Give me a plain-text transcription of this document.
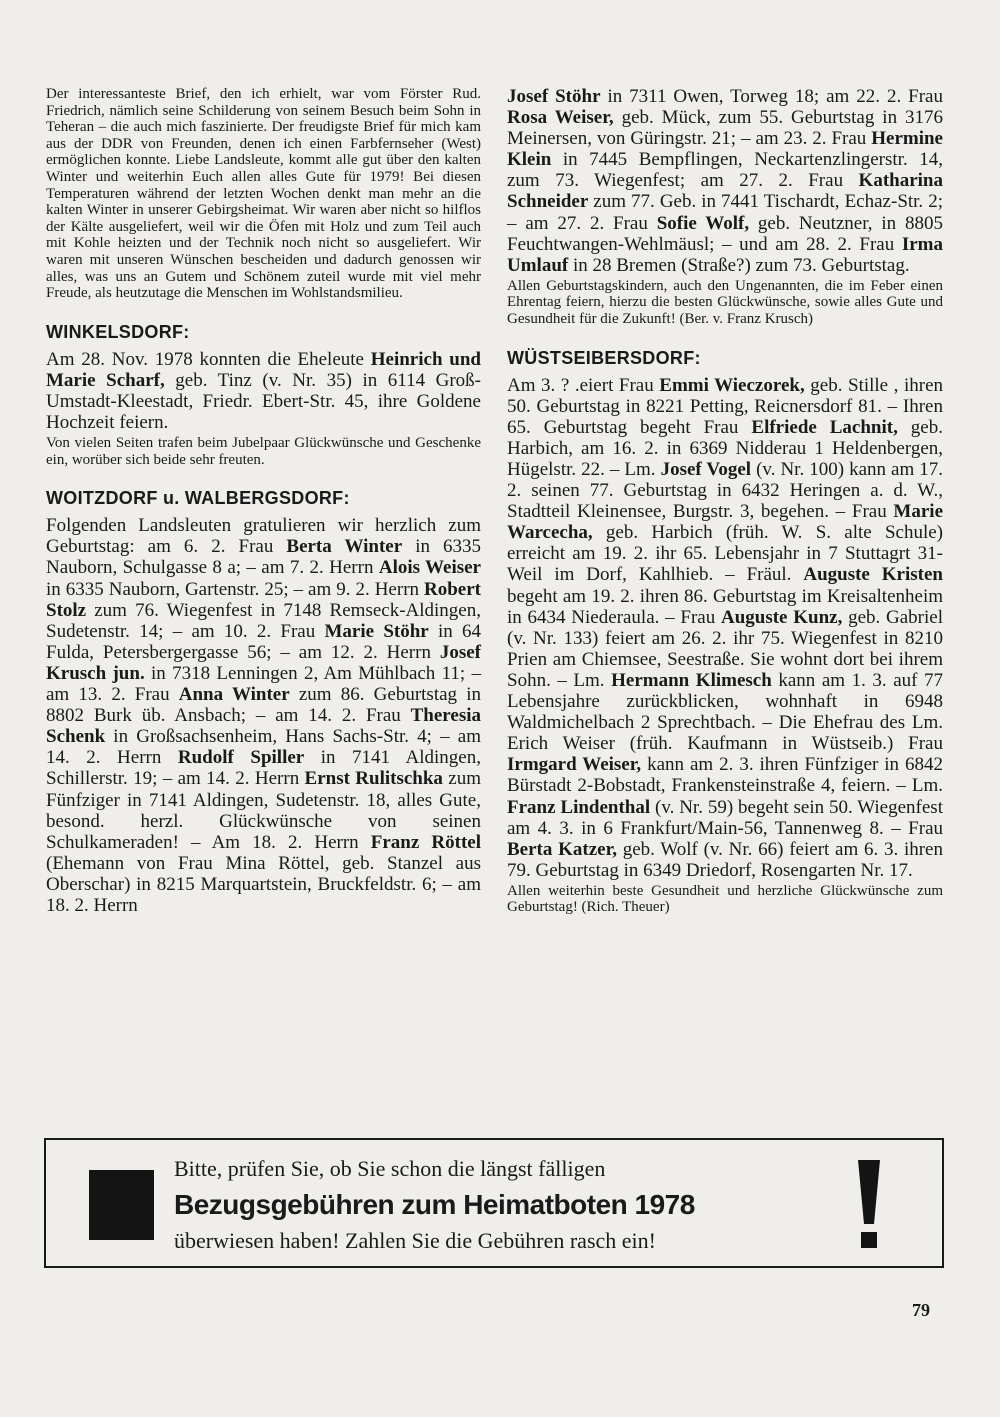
Der interessanteste Brief, den ich erhielt, war vom Förster Rud. Friedrich, nämlich seine Schilderung von seinem Besuch beim Sohn in Teheran – die auch mich faszinierte. Der freudigste Brief für mich kam aus der DDR von Freunden, denen ich einen Farbfernseher (West) ermöglichen konnte. Liebe Landsleute, kommt alle gut über den kalten Winter und weiterhin Euch allen alles Gute für 1979! Bei diesen Temperaturen während der letzten Wochen denkt man mehr an die kalten Winter in unserer Gebirgsheimat. Wir waren aber nicht so hilflos der Kälte ausgeliefert, weil wir die Öfen mit Holz und zum Teil auch mit Kohle heizten und der Technik noch nicht so ausgeliefert. Wir waren mit unseren Wünschen bescheiden und dadurch genossen wir alles, was uns an Gutem und Schönem zuteil wurde mit viel mehr Freude, als heutzutage die Menschen im Wohlstandsmilieu.

WINKELSDORF:

Am 28. Nov. 1978 konnten die Eheleute Heinrich und Marie Scharf, geb. Tinz (v. Nr. 35) in 6114 Groß-Umstadt-Kleestadt, Friedr. Ebert-Str. 45, ihre Goldene Hochzeit feiern.

Von vielen Seiten trafen beim Jubelpaar Glückwünsche und Geschenke ein, worüber sich beide sehr freuten.

WOITZDORF u. WALBERGSDORF:

Folgenden Landsleuten gratulieren wir herzlich zum Geburtstag: am 6. 2. Frau Berta Winter in 6335 Nauborn, Schulgasse 8 a; – am 7. 2. Herrn Alois Weiser in 6335 Nauborn, Gartenstr. 25; – am 9. 2. Herrn Robert Stolz zum 76. Wiegenfest in 7148 Remseck-Aldingen, Sudetenstr. 14; – am 10. 2. Frau Marie Stöhr in 64 Fulda, Petersbergergasse 56; – am 12. 2. Herrn Josef Krusch jun. in 7318 Lenningen 2, Am Mühlbach 11; – am 13. 2. Frau Anna Winter zum 86. Geburtstag in 8802 Burk üb. Ansbach; – am 14. 2. Frau Theresia Schenk in Großsachsenheim, Hans Sachs-Str. 4; – am 14. 2. Herrn Rudolf Spiller in 7141 Aldingen, Schillerstr. 19; – am 14. 2. Herrn Ernst Rulitschka zum Fünfziger in 7141 Aldingen, Sudetenstr. 18, alles Gute, besond. herzl. Glückwünsche von seinen Schulkameraden! – Am 18. 2. Herrn Franz Röttel (Ehemann von Frau Mina Röttel, geb. Stanzel aus Oberschar) in 8215 Marquartstein, Bruckfeldstr. 6; – am 18. 2. Herrn

Josef Stöhr in 7311 Owen, Torweg 18; am 22. 2. Frau Rosa Weiser, geb. Mück, zum 55. Geburtstag in 3176 Meinersen, von Güringstr. 21; – am 23. 2. Frau Hermine Klein in 7445 Bempflingen, Neckartenzlingerstr. 14, zum 73. Wiegenfest; am 27. 2. Frau Katharina Schneider zum 77. Geb. in 7441 Tischardt, Echaz-Str. 2; – am 27. 2. Frau Sofie Wolf, geb. Neutzner, in 8805 Feuchtwangen-Wehlmäusl; – und am 28. 2. Frau Irma Umlauf in 28 Bremen (Straße?) zum 73. Geburtstag.

Allen Geburtstagskindern, auch den Ungenannten, die im Feber einen Ehrentag feiern, hierzu die besten Glückwünsche, sowie alles Gute und Gesundheit für die Zukunft! (Ber. v. Franz Krusch)

WÜSTSEIBERSDORF:

Am 3. ? .eiert Frau Emmi Wieczorek, geb. Stille , ihren 50. Geburtstag in 8221 Petting, Reicnersdorf 81. – Ihren 65. Geburtstag begeht Frau Elfriede Lachnit, geb. Harbich, am 16. 2. in 6369 Nidderau 1 Heldenbergen, Hügelstr. 22. – Lm. Josef Vogel (v. Nr. 100) kann am 17. 2. seinen 77. Geburtstag in 6432 Heringen a. d. W., Stadtteil Kleinensee, Burgstr. 3, begehen. – Frau Marie Warcecha, geb. Harbich (früh. W. S. alte Schule) erreicht am 19. 2. ihr 65. Lebensjahr in 7 Stuttagrt 31-Weil im Dorf, Kahlhieb. – Fräul. Auguste Kristen begeht am 19. 2. ihren 86. Geburtstag im Kreisaltenheim in 6434 Niederaula. – Frau Auguste Kunz, geb. Gabriel (v. Nr. 133) feiert am 26. 2. ihr 75. Wiegenfest in 8210 Prien am Chiemsee, Seestraße. Sie wohnt dort bei ihrem Sohn. – Lm. Hermann Klimesch kann am 1. 3. auf 77 Lebensjahre zurückblicken, wohnhaft in 6948 Waldmichelbach 2 Sprechtbach. – Die Ehefrau des Lm. Erich Weiser (früh. Kaufmann in Wüstseib.) Frau Irmgard Weiser, kann am 2. 3. ihren Fünfziger in 6842 Bürstadt 2-Bobstadt, Frankensteinstraße 4, feiern. – Lm. Franz Lindenthal (v. Nr. 59) begeht sein 50. Wiegenfest am 4. 3. in 6 Frankfurt/Main-56, Tannenweg 8. – Frau Berta Katzer, geb. Wolf (v. Nr. 66) feiert am 6. 3. ihren 79. Geburtstag in 6349 Driedorf, Rosengarten Nr. 17.

Allen weiterhin beste Gesundheit und herzliche Glückwünsche zum Geburtstag! (Rich. Theuer)

Bitte, prüfen Sie, ob Sie schon die längst fälligen
Bezugsgebühren zum Heimatboten 1978
überwiesen haben! Zahlen Sie die Gebühren rasch ein!
79
